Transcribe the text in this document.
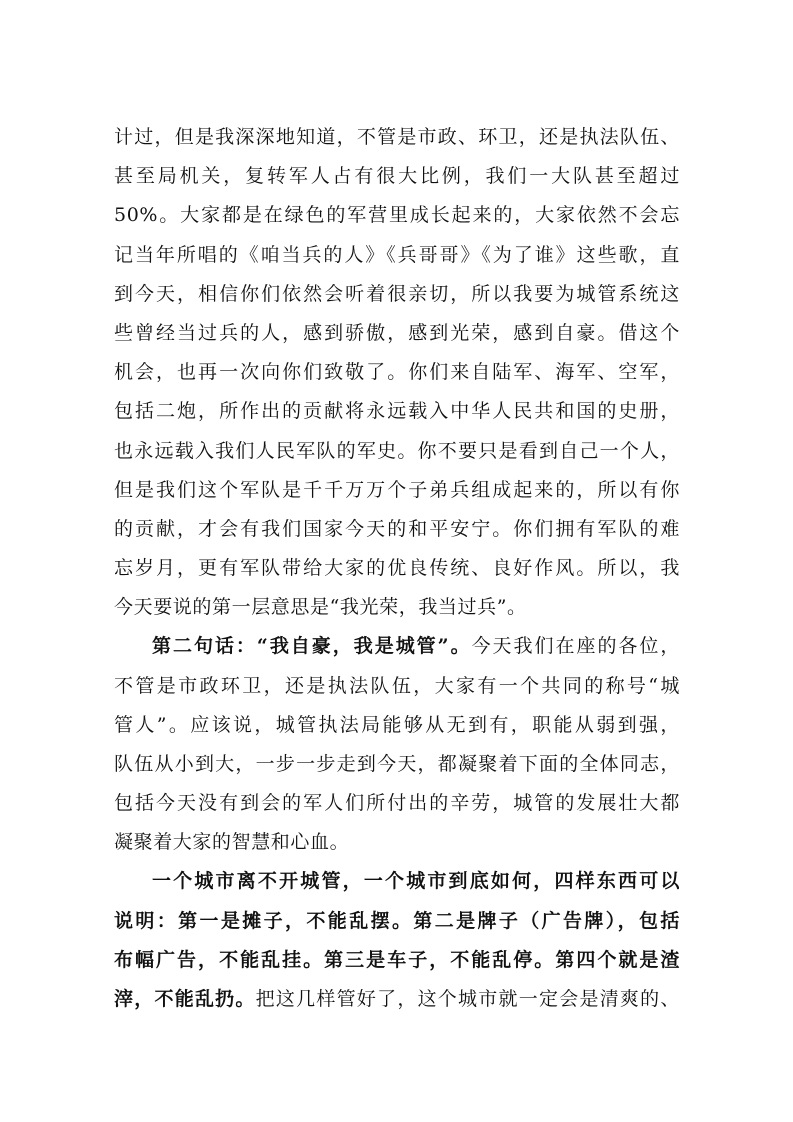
计过，但是我深深地知道，不管是市政、环卫，还是执法队伍、
甚至局机关，复转军人占有很大比例，我们一大队甚至超过
50%。大家都是在绿色的军营里成长起来的，大家依然不会忘
记当年所唱的《咱当兵的人》《兵哥哥》《为了谁》这些歌，直
到今天，相信你们依然会听着很亲切，所以我要为城管系统这
些曾经当过兵的人，感到骄傲，感到光荣，感到自豪。借这个
机会，也再一次向你们致敬了。你们来自陆军、海军、空军，
包括二炮，所作出的贡献将永远载入中华人民共和国的史册，
也永远载入我们人民军队的军史。你不要只是看到自己一个人，
但是我们这个军队是千千万万个子弟兵组成起来的，所以有你
的贡献，才会有我们国家今天的和平安宁。你们拥有军队的难
忘岁月，更有军队带给大家的优良传统、良好作风。所以，我
今天要说的第一层意思是“我光荣，我当过兵”。
第二句话：“我自豪，我是城管”。今天我们在座的各位，
不管是市政环卫，还是执法队伍，大家有一个共同的称号“城
管人”。应该说，城管执法局能够从无到有，职能从弱到强，
队伍从小到大，一步一步走到今天，都凝聚着下面的全体同志，
包括今天没有到会的军人们所付出的辛劳，城管的发展壮大都
凝聚着大家的智慧和心血。
一个城市离不开城管，一个城市到底如何，四样东西可以
说明：第一是摊子，不能乱摆。第二是牌子（广告牌），包括
布幅广告，不能乱挂。第三是车子，不能乱停。第四个就是渣
滓，不能乱扔。把这几样管好了，这个城市就一定会是清爽的、
